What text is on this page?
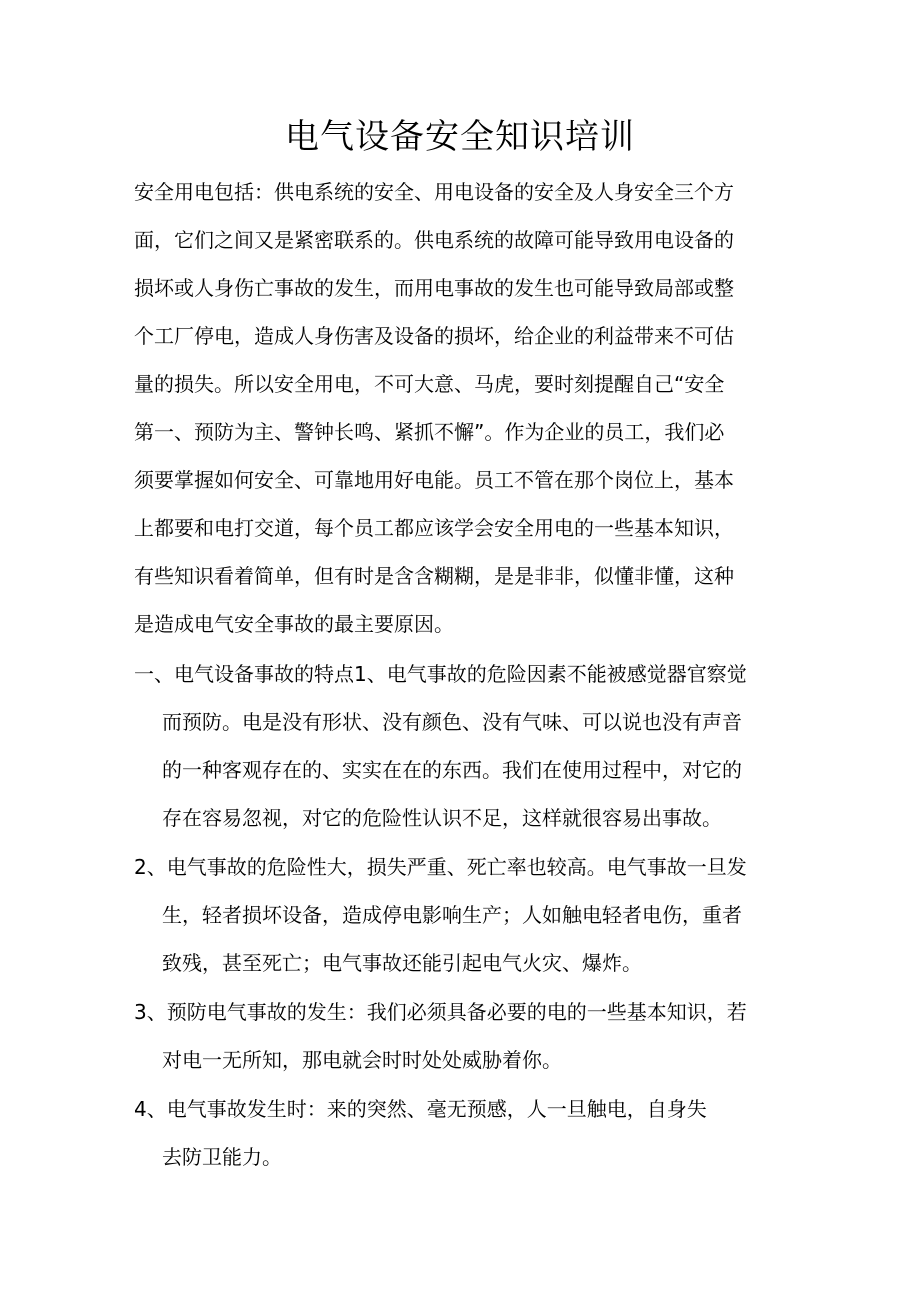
电气设备安全知识培训
安全用电包括：供电系统的安全、用电设备的安全及人身安全三个方
面，它们之间又是紧密联系的。供电系统的故障可能导致用电设备的
损坏或人身伤亡事故的发生，而用电事故的发生也可能导致局部或整
个工厂停电，造成人身伤害及设备的损坏，给企业的利益带来不可估
量的损失。所以安全用电，不可大意、马虎，要时刻提醒自己“安全
第一、预防为主、警钟长鸣、紧抓不懈”。作为企业的员工，我们必
须要掌握如何安全、可靠地用好电能。员工不管在那个岗位上，基本
上都要和电打交道，每个员工都应该学会安全用电的一些基本知识，
有些知识看着简单，但有时是含含糊糊，是是非非，似懂非懂，这种
是造成电气安全事故的最主要原因。
一、电气设备事故的特点1、电气事故的危险因素不能被感觉器官察觉
而预防。电是没有形状、没有颜色、没有气味、可以说也没有声音
的一种客观存在的、实实在在的东西。我们在使用过程中，对它的
存在容易忽视，对它的危险性认识不足，这样就很容易出事故。
2、电气事故的危险性大，损失严重、死亡率也较高。电气事故一旦发
生，轻者损坏设备，造成停电影响生产；人如触电轻者电伤，重者
致残，甚至死亡；电气事故还能引起电气火灾、爆炸。
3、预防电气事故的发生：我们必须具备必要的电的一些基本知识，若
对电一无所知，那电就会时时处处威胁着你。
4、电气事故发生时：来的突然、毫无预感，人一旦触电，自身失
去防卫能力。
